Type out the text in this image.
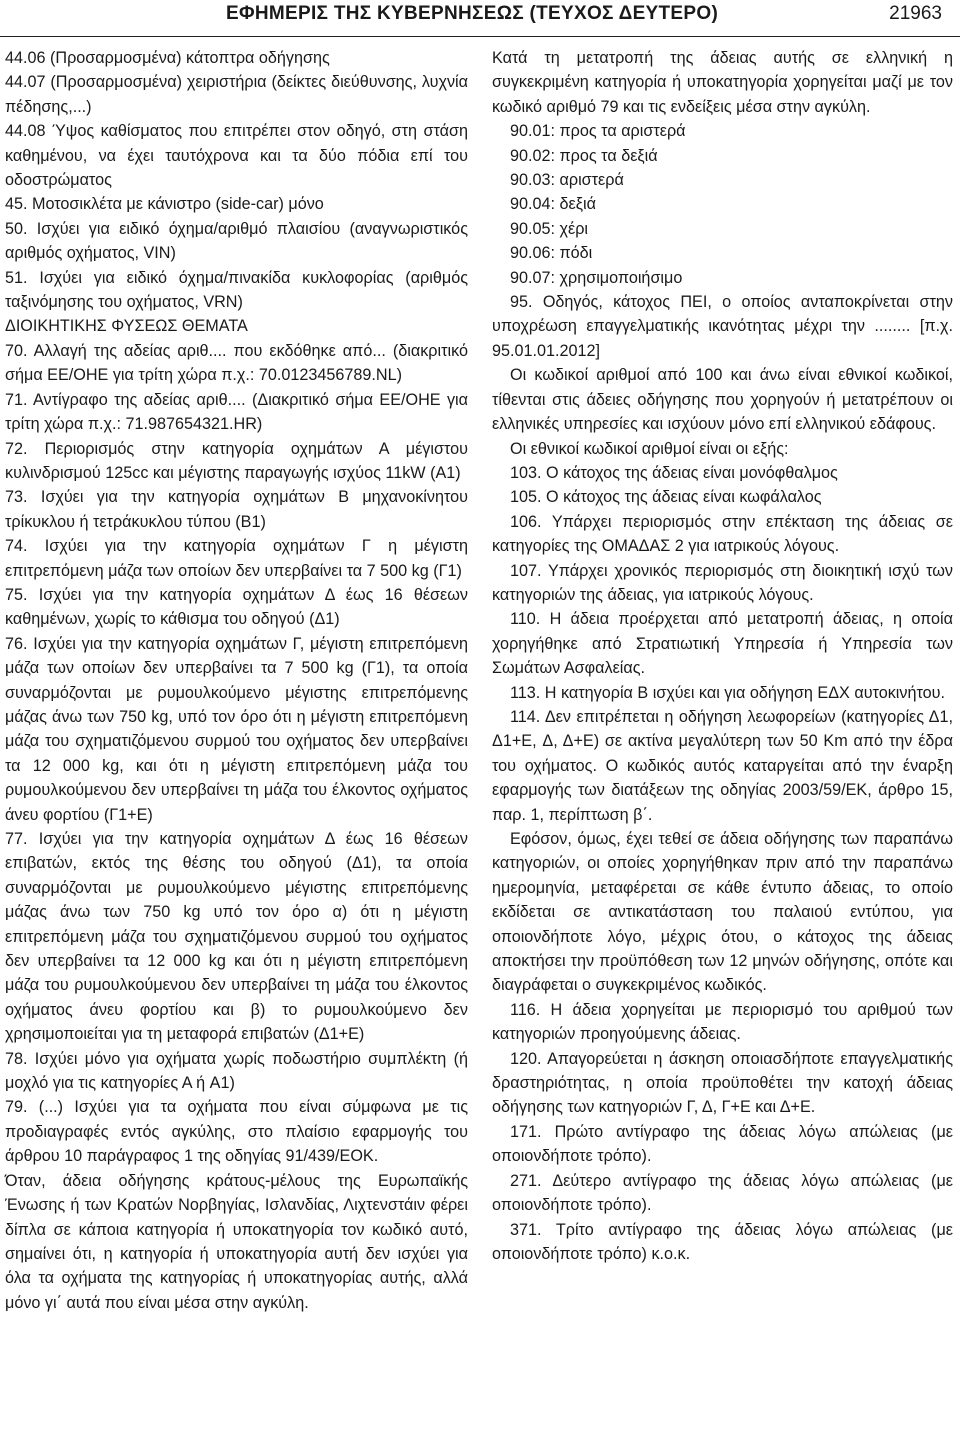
ΕΦΗΜΕΡΙΣ ΤΗΣ ΚΥΒΕΡΝΗΣΕΩΣ (ΤΕΥΧΟΣ ΔΕΥΤΕΡΟ)	21963

44.06 (Προσαρμοσμένα) κάτοπτρα οδήγησης

44.07 (Προσαρμοσμένα) χειριστήρια (δείκτες διεύθυνσης, λυχνία πέδησης,...)

44.08 Ύψος καθίσματος που επιτρέπει στον οδηγό, στη στάση καθημένου, να έχει ταυτόχρονα και τα δύο πόδια επί του οδοστρώματος

45. Μοτοσικλέτα με κάνιστρο (side-car) μόνο

50. Ισχύει για ειδικό όχημα/αριθμό πλαισίου (αναγνωριστικός αριθμός οχήματος, VIN)

51. Ισχύει για ειδικό όχημα/πινακίδα κυκλοφορίας (αριθμός ταξινόμησης του οχήματος, VRN)

ΔΙΟΙΚΗΤΙΚΗΣ ΦΥΣΕΩΣ ΘΕΜΑΤΑ

70. Αλλαγή της αδείας αριθ.... που εκδόθηκε από... (διακριτικό σήμα ΕΕ/ΟΗΕ για τρίτη χώρα π.χ.: 70.0123456789.NL)

71. Αντίγραφο της αδείας αριθ.... (Διακριτικό σήμα ΕΕ/ΟΗΕ για τρίτη χώρα π.χ.: 71.987654321.HR)

72. Περιορισμός στην κατηγορία οχημάτων Α μέγιστου κυλινδρισμού 125cc και μέγιστης παραγωγής ισχύος 11kW (A1)

73. Ισχύει για την κατηγορία οχημάτων Β μηχανοκίνητου τρίκυκλου ή τετράκυκλου τύπου (B1)

74. Ισχύει για την κατηγορία οχημάτων Γ η μέγιστη επιτρεπόμενη μάζα των οποίων δεν υπερβαίνει τα 7 500 kg (Γ1)

75. Ισχύει για την κατηγορία οχημάτων Δ έως 16 θέσεων καθημένων, χωρίς το κάθισμα του οδηγού (Δ1)

76. Ισχύει για την κατηγορία οχημάτων Γ, μέγιστη επιτρεπόμενη μάζα των οποίων δεν υπερβαίνει τα 7 500 kg (Γ1), τα οποία συναρμόζονται με ρυμουλκούμενο μέγιστης επιτρεπόμενης μάζας άνω των 750 kg, υπό τον όρο ότι η μέγιστη επιτρεπόμενη μάζα του σχηματιζόμενου συρμού του οχήματος δεν υπερβαίνει τα 12 000 kg, και ότι η μέγιστη επιτρεπόμενη μάζα του ρυμουλκούμενου δεν υπερβαίνει τη μάζα του έλκοντος οχήματος άνευ φορτίου (Γ1+E)

77. Ισχύει για την κατηγορία οχημάτων Δ έως 16 θέσεων επιβατών, εκτός της θέσης του οδηγού (Δ1), τα οποία συναρμόζονται με ρυμουλκούμενο μέγιστης επιτρεπόμενης μάζας άνω των 750 kg υπό τον όρο α) ότι η μέγιστη επιτρεπόμενη μάζα του σχηματιζόμενου συρμού του οχήματος δεν υπερβαίνει τα 12 000 kg και ότι η μέγιστη επιτρεπόμενη μάζα του ρυμουλκούμενου δεν υπερβαίνει τη μάζα του έλκοντος οχήματος άνευ φορτίου και β) το ρυμουλκούμενο δεν χρησιμοποιείται για τη μεταφορά επιβατών (Δ1+E)

78. Ισχύει μόνο για οχήματα χωρίς ποδωστήριο συμπλέκτη (ή μοχλό για τις κατηγορίες Α ή A1)

79. (...) Ισχύει για τα οχήματα που είναι σύμφωνα με τις προδιαγραφές εντός αγκύλης, στο πλαίσιο εφαρμογής του άρθρου 10 παράγραφος 1 της οδηγίας 91/439/ΕΟΚ.

Όταν, άδεια οδήγησης κράτους-μέλους της Ευρωπαϊκής Ένωσης ή των Κρατών Νορβηγίας, Ισλανδίας, Λιχτενστάιν φέρει δίπλα σε κάποια κατηγορία ή υποκατηγορία τον κωδικό αυτό, σημαίνει ότι, η κατηγορία ή υποκατηγορία αυτή δεν ισχύει για όλα τα οχήματα της κατηγορίας ή υποκατηγορίας αυτής, αλλά μόνο γι΄ αυτά που είναι μέσα στην αγκύλη.

Κατά τη μετατροπή της άδειας αυτής σε ελληνική η συγκεκριμένη κατηγορία ή υποκατηγορία χορηγείται μαζί με τον κωδικό αριθμό 79 και τις ενδείξεις μέσα στην αγκύλη.

90.01: προς τα αριστερά

90.02: προς τα δεξιά

90.03: αριστερά

90.04: δεξιά

90.05: χέρι

90.06: πόδι

90.07: χρησιμοποιήσιμο

95. Οδηγός, κάτοχος ΠΕΙ, ο οποίος ανταποκρίνεται στην υποχρέωση επαγγελματικής ικανότητας μέχρι την ........ [π.χ. 95.01.01.2012]

Οι κωδικοί αριθμοί από 100 και άνω είναι εθνικοί κωδικοί, τίθενται στις άδειες οδήγησης που χορηγούν ή μετατρέπουν οι ελληνικές υπηρεσίες και ισχύουν μόνο επί ελληνικού εδάφους.

Οι εθνικοί κωδικοί αριθμοί είναι οι εξής:

103. Ο κάτοχος της άδειας είναι μονόφθαλμος

105. Ο κάτοχος της άδειας είναι κωφάλαλος

106. Υπάρχει περιορισμός στην επέκταση της άδειας σε κατηγορίες της ΟΜΑΔΑΣ 2 για ιατρικούς λόγους.

107. Υπάρχει χρονικός περιορισμός στη διοικητική ισχύ των κατηγοριών της άδειας, για ιατρικούς λόγους.

110. Η άδεια προέρχεται από μετατροπή άδειας, η οποία χορηγήθηκε από Στρατιωτική Υπηρεσία ή Υπηρεσία των Σωμάτων Ασφαλείας.

113. Η κατηγορία Β ισχύει και για οδήγηση ΕΔΧ αυτοκινήτου.

114. Δεν επιτρέπεται η οδήγηση λεωφορείων (κατηγορίες Δ1, Δ1+E, Δ, Δ+E) σε ακτίνα μεγαλύτερη των 50 Km από την έδρα του οχήματος. Ο κωδικός αυτός καταργείται από την έναρξη εφαρμογής των διατάξεων της οδηγίας 2003/59/ΕΚ, άρθρο 15, παρ. 1, περίπτωση β΄.

Εφόσον, όμως, έχει τεθεί σε άδεια οδήγησης των παραπάνω κατηγοριών, οι οποίες χορηγήθηκαν πριν από την παραπάνω ημερομηνία, μεταφέρεται σε κάθε έντυπο άδειας, το οποίο εκδίδεται σε αντικατάσταση του παλαιού εντύπου, για οποιονδήποτε λόγο, μέχρις ότου, ο κάτοχος της άδειας αποκτήσει την προϋπόθεση των 12 μηνών οδήγησης, οπότε και διαγράφεται ο συγκεκριμένος κωδικός.

116. Η άδεια χορηγείται με περιορισμό του αριθμού των κατηγοριών προηγούμενης άδειας.

120. Απαγορεύεται η άσκηση οποιασδήποτε επαγγελματικής δραστηριότητας, η οποία προϋποθέτει την κατοχή άδειας οδήγησης των κατηγοριών Γ, Δ, Γ+E και Δ+E.

171. Πρώτο αντίγραφο της άδειας λόγω απώλειας (με οποιονδήποτε τρόπο).

271. Δεύτερο αντίγραφο της άδειας λόγω απώλειας (με οποιονδήποτε τρόπο).

371. Τρίτο αντίγραφο της άδειας λόγω απώλειας (με οποιονδήποτε τρόπο) κ.ο.κ.
